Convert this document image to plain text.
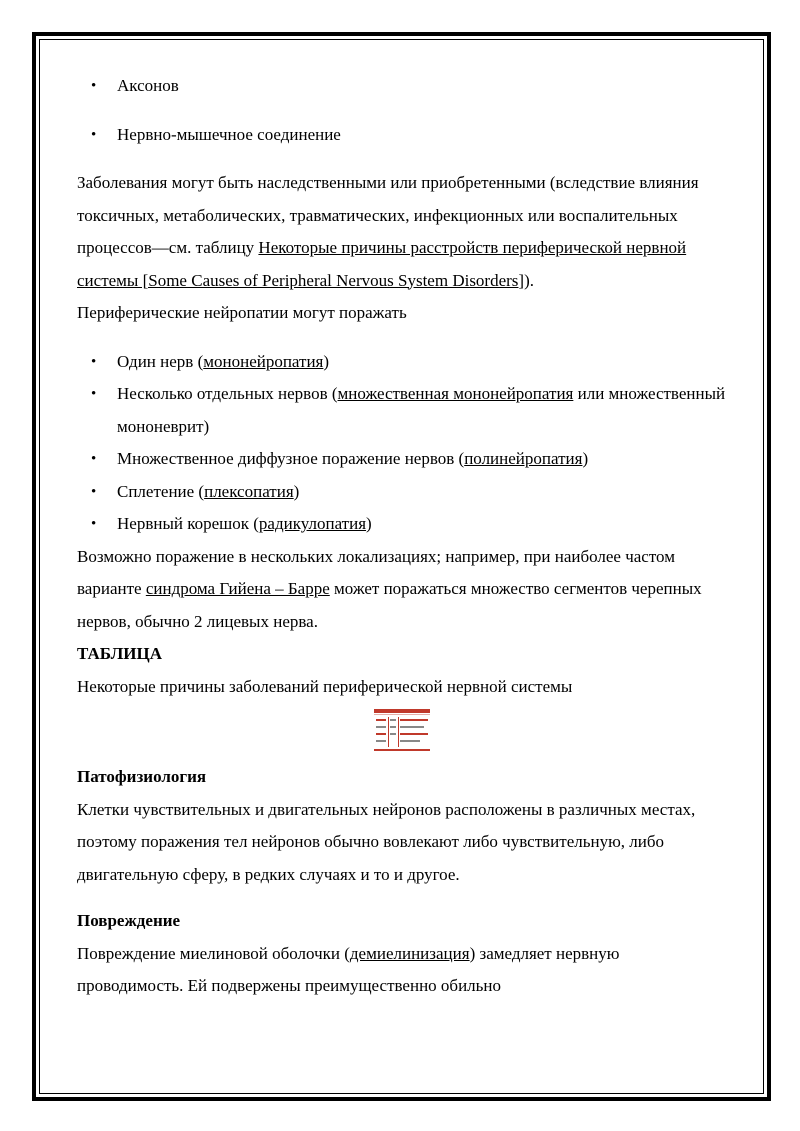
• Аксонов
• Нервно-мышечное соединение

Заболевания могут быть наследственными или приобретенными (вследствие влияния токсичных, метаболических, травматических, инфекционных или воспалительных процессов—см. таблицу Некоторые причины расстройств периферической нервной системы [Some Causes of Peripheral Nervous System Disorders]).

Периферические нейропатии могут поражать

• Один нерв (мононейропатия)
• Несколько отдельных нервов (множественная мононейропатия или множественный мононеврит)
• Множественное диффузное поражение нервов (полинейропатия)
• Сплетение (плексопатия)
• Нервный корешок (радикулопатия)

Возможно поражение в нескольких локализациях; например, при наиболее частом варианте синдрома Гийена – Барре может поражаться множество сегментов черепных нервов, обычно 2 лицевых нерва.

ТАБЛИЦА

Некоторые причины заболеваний периферической нервной системы

Патофизиология

Клетки чувствительных и двигательных нейронов расположены в различных местах, поэтому поражения тел нейронов обычно вовлекают либо чувствительную, либо двигательную сферу, в редких случаях и то и другое.

Повреждение

Повреждение миелиновой оболочки (демиелинизация) замедляет нервную проводимость. Ей подвержены преимущественно обильно
